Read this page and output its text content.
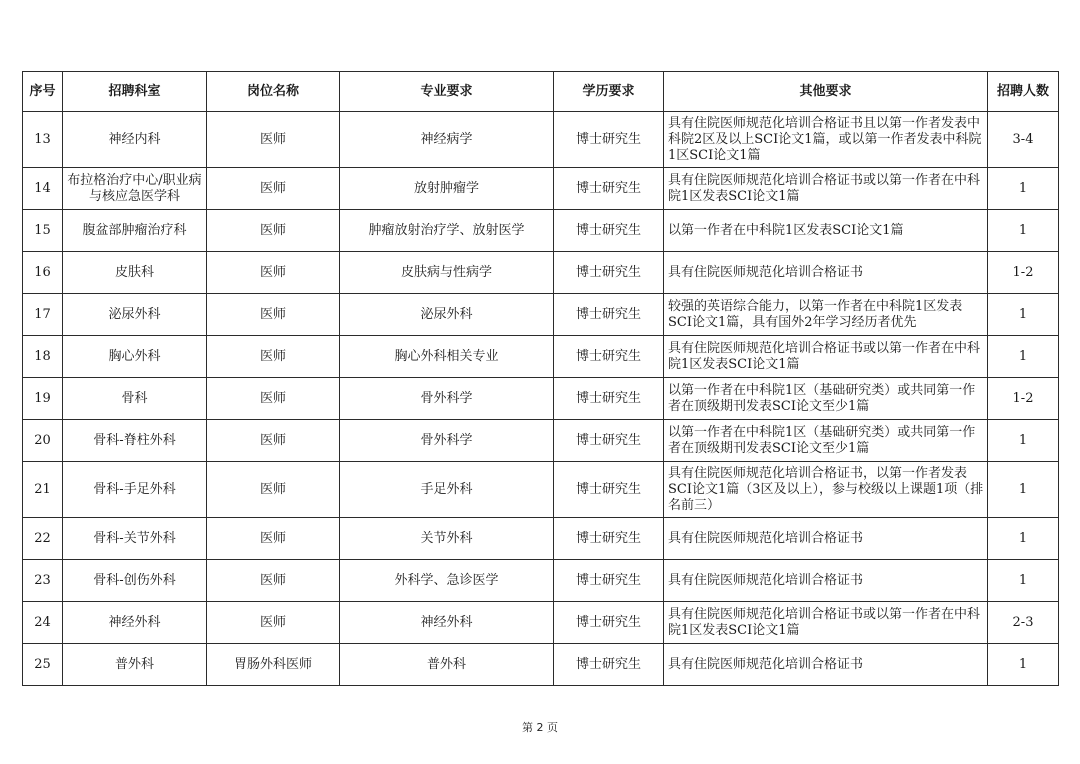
序号	招聘科室	岗位名称	专业要求	学历要求	其他要求	招聘人数
13	神经内科	医师	神经病学	博士研究生	具有住院医师规范化培训合格证书且以第一作者发表中科院2区及以上SCI论文1篇，或以第一作者发表中科院1区SCI论文1篇	3-4
14	布拉格治疗中心/职业病与核应急医学科	医师	放射肿瘤学	博士研究生	具有住院医师规范化培训合格证书或以第一作者在中科院1区发表SCI论文1篇	1
15	腹盆部肿瘤治疗科	医师	肿瘤放射治疗学、放射医学	博士研究生	以第一作者在中科院1区发表SCI论文1篇	1
16	皮肤科	医师	皮肤病与性病学	博士研究生	具有住院医师规范化培训合格证书	1-2
17	泌尿外科	医师	泌尿外科	博士研究生	较强的英语综合能力，以第一作者在中科院1区发表SCI论文1篇，具有国外2年学习经历者优先	1
18	胸心外科	医师	胸心外科相关专业	博士研究生	具有住院医师规范化培训合格证书或以第一作者在中科院1区发表SCI论文1篇	1
19	骨科	医师	骨外科学	博士研究生	以第一作者在中科院1区（基础研究类）或共同第一作者在顶级期刊发表SCI论文至少1篇	1-2
20	骨科-脊柱外科	医师	骨外科学	博士研究生	以第一作者在中科院1区（基础研究类）或共同第一作者在顶级期刊发表SCI论文至少1篇	1
21	骨科-手足外科	医师	手足外科	博士研究生	具有住院医师规范化培训合格证书，以第一作者发表SCI论文1篇（3区及以上），参与校级以上课题1项（排名前三）	1
22	骨科-关节外科	医师	关节外科	博士研究生	具有住院医师规范化培训合格证书	1
23	骨科-创伤外科	医师	外科学、急诊医学	博士研究生	具有住院医师规范化培训合格证书	1
24	神经外科	医师	神经外科	博士研究生	具有住院医师规范化培训合格证书或以第一作者在中科院1区发表SCI论文1篇	2-3
25	普外科	胃肠外科医师	普外科	博士研究生	具有住院医师规范化培训合格证书	1
第 2 页
